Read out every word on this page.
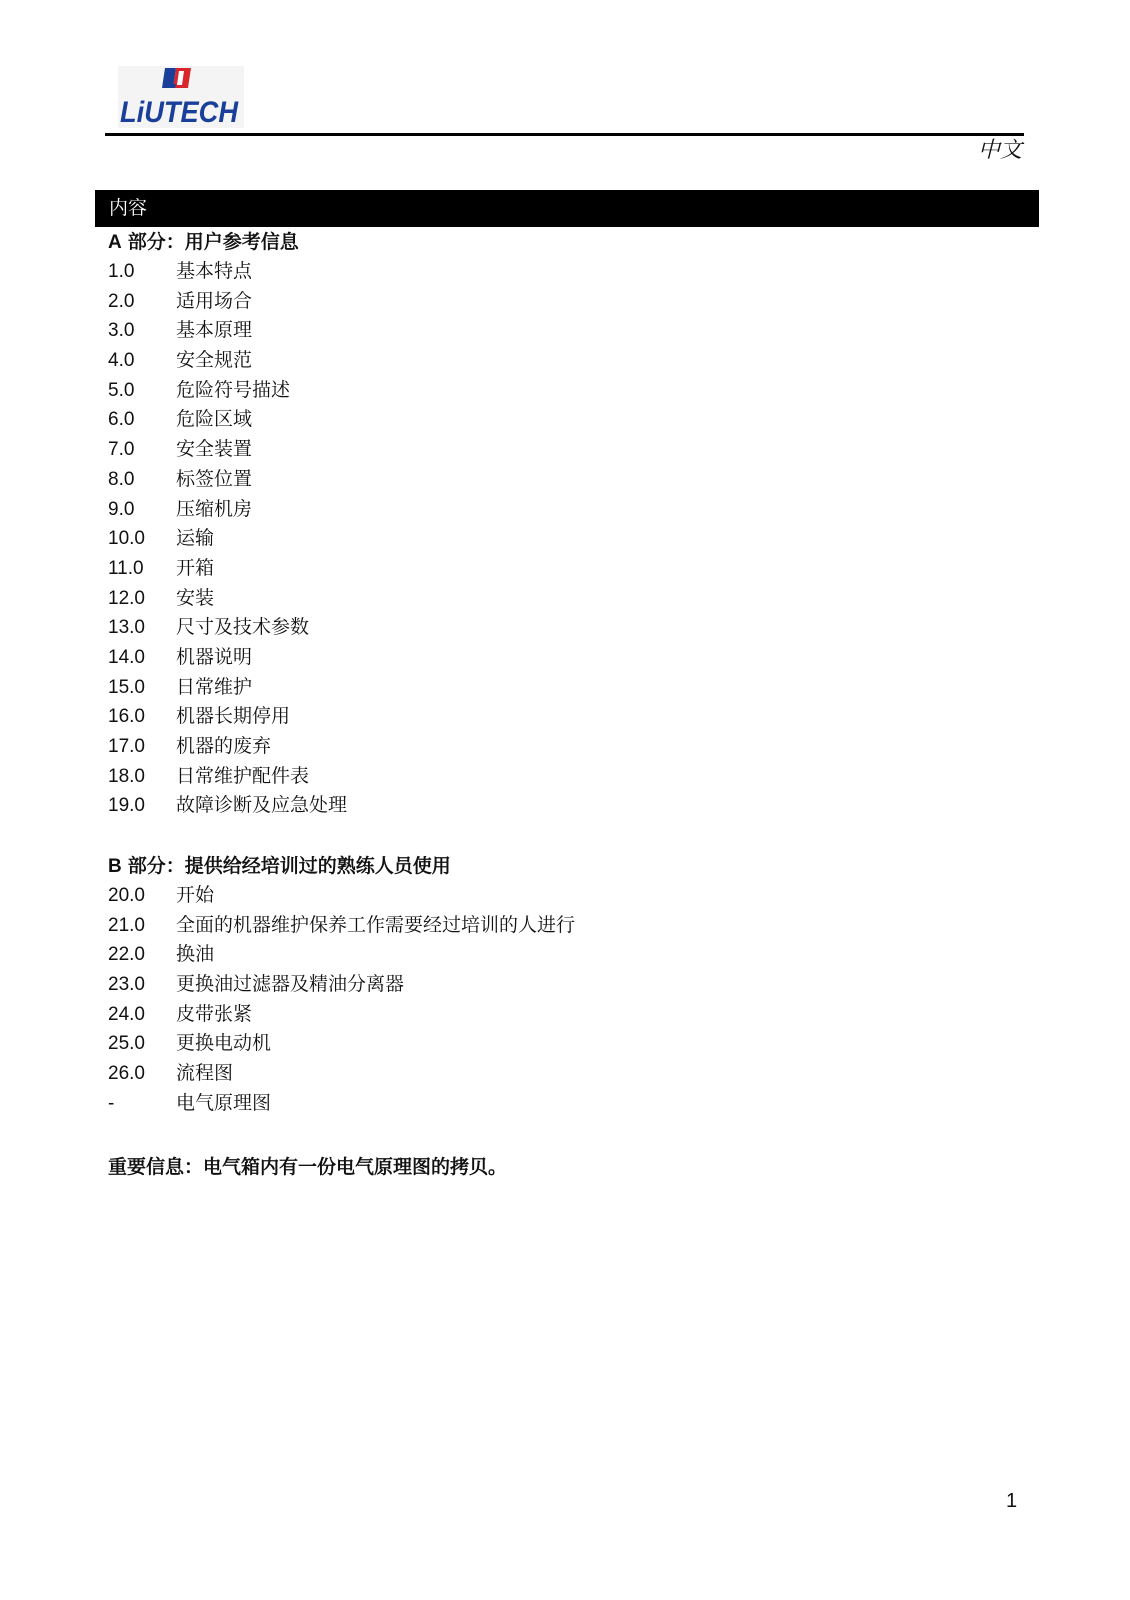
LiUTECH
中文
内容
A 部分：用户参考信息
1.0	基本特点
2.0	适用场合
3.0	基本原理
4.0	安全规范
5.0	危险符号描述
6.0	危险区域
7.0	安全装置
8.0	标签位置
9.0	压缩机房
10.0	运输
11.0	开箱
12.0	安装
13.0	尺寸及技术参数
14.0	机器说明
15.0	日常维护
16.0	机器长期停用
17.0	机器的废弃
18.0	日常维护配件表
19.0	故障诊断及应急处理
B 部分：提供给经培训过的熟练人员使用
20.0	开始
21.0	全面的机器维护保养工作需要经过培训的人进行
22.0	换油
23.0	更换油过滤器及精油分离器
24.0	皮带张紧
25.0	更换电动机
26.0	流程图
-	电气原理图
重要信息：电气箱内有一份电气原理图的拷贝。
1
